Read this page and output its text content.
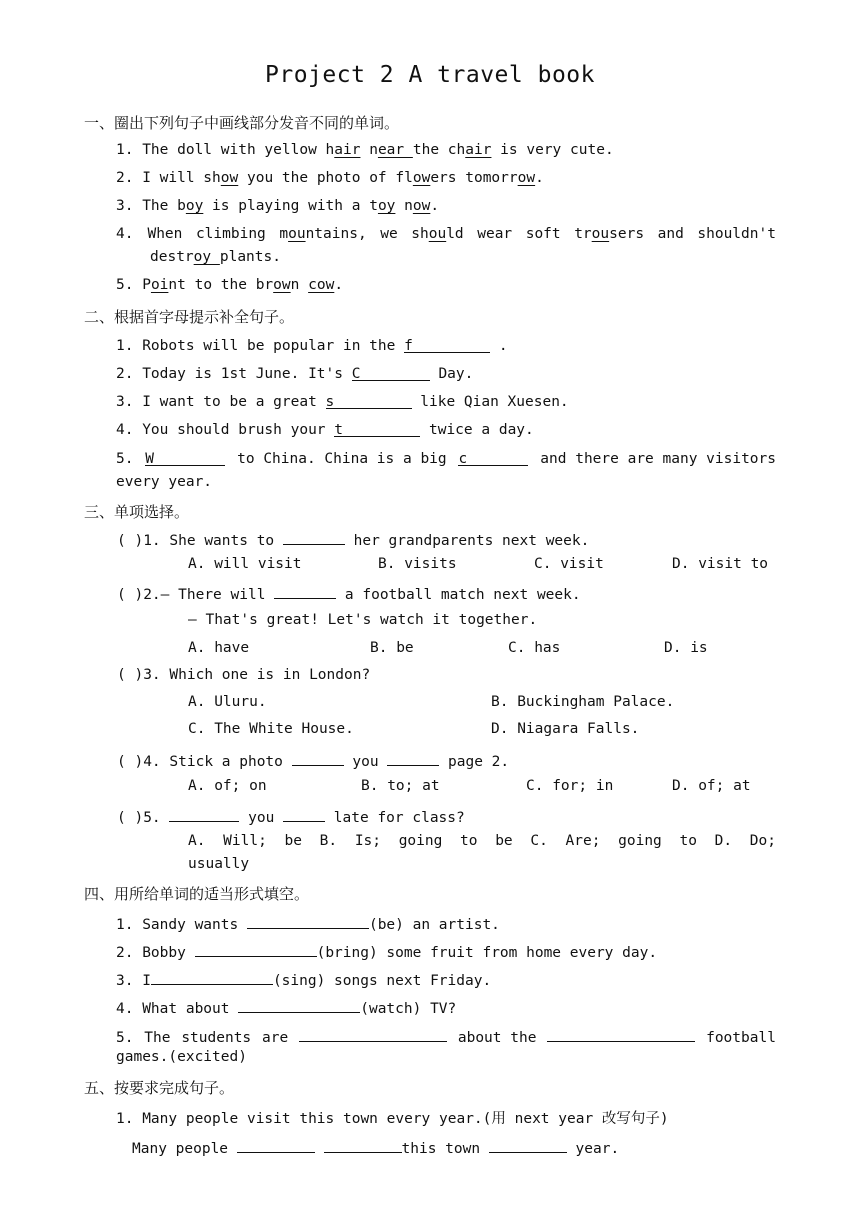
Project 2 A travel book
一、圈出下列句子中画线部分发音不同的单词。
1. The doll with yellow hair near the chair is very cute.
2. I will show you the photo of flowers tomorrow.
3. The boy is playing with a toy now.
4. When climbing mountains, we should wear soft trousers and shouldn't
destroy plants.
5. Point to the brown cow.
二、根据首字母提示补全句子。
1. Robots will be popular in the f	.
2. Today is 1st June. It's C	Day.
3. I want to be a great s	like Qian Xuesen.
4. You should brush your t	twice a day.
5. W	to China. China is a big c	and there are many visitors
every year.
三、单项选择。
( )1. She wants to	her grandparents next week.
A. will visit	B. visits	C. visit	D. visit to
( )2.— There will	a football match next week.
— That's great! Let's watch it together.
A. have	B. be	C. has	D. is
( )3. Which one is in London?
A. Uluru.	B. Buckingham Palace.
C. The White House.	D. Niagara Falls.
( )4. Stick a photo	you	page 2.
A. of; on	B. to; at	C. for; in	D. of; at
( )5.	you	late for class?
A. Will; be B. Is; going to be C. Are; going to D. Do;
usually
四、用所给单词的适当形式填空。
1. Sandy wants	(be) an artist.
2. Bobby	(bring) some fruit from home every day.
3. I	(sing) songs next Friday.
4. What about	(watch) TV?
5. The students are	about the	football
games.(excited)
五、按要求完成句子。
1. Many people visit this town every year.(用 next year 改写句子)
Many people	this town	year.
